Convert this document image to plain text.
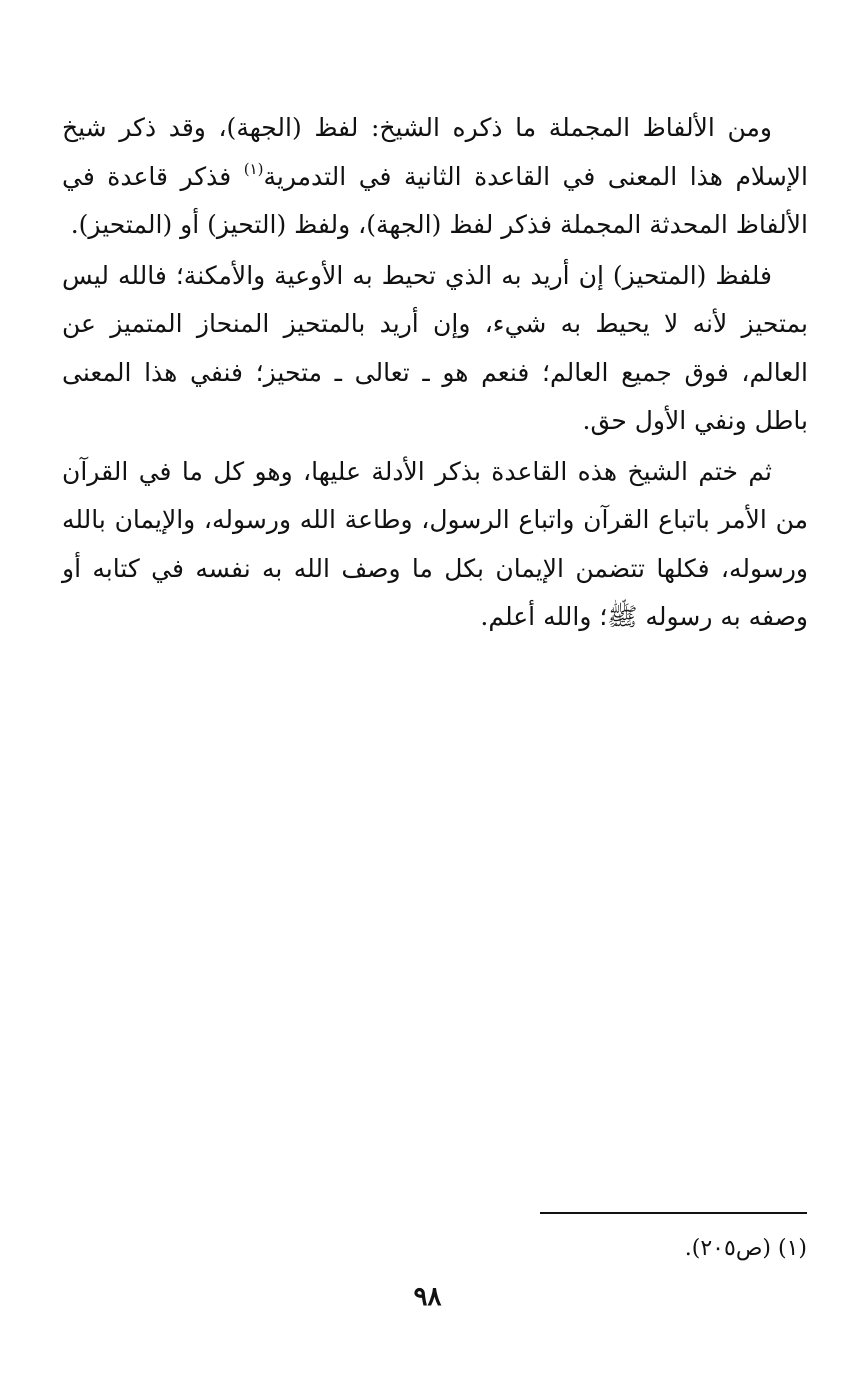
ومن الألفاظ المجملة ما ذكره الشيخ: لفظ (الجهة)، وقد ذكر شيخ الإسلام هذا المعنى في القاعدة الثانية في التدمرية$^{(١)}$ فذكر قاعدة في الألفاظ المحدثة المجملة فذكر لفظ (الجهة)، ولفظ (التحيز) أو (المتحيز).

فلفظ (المتحيز) إن أريد به الذي تحيط به الأوعية والأمكنة؛ فالله ليس بمتحيز لأنه لا يحيط به شيء، وإن أريد بالمتحيز المنحاز المتميز عن العالم، فوق جميع العالم؛ فنعم هو ـ تعالى ـ متحيز؛ فنفي هذا المعنى باطل ونفي الأول حق.

ثم ختم الشيخ هذه القاعدة بذكر الأدلة عليها، وهو كل ما في القرآن من الأمر باتباع القرآن واتباع الرسول، وطاعة الله ورسوله، والإيمان بالله ورسوله، فكلها تتضمن الإيمان بكل ما وصف الله به نفسه في كتابه أو وصفه به رسوله ﷺ؛ والله أعلم.

(١) (ص٢٠٥).
٩٨
